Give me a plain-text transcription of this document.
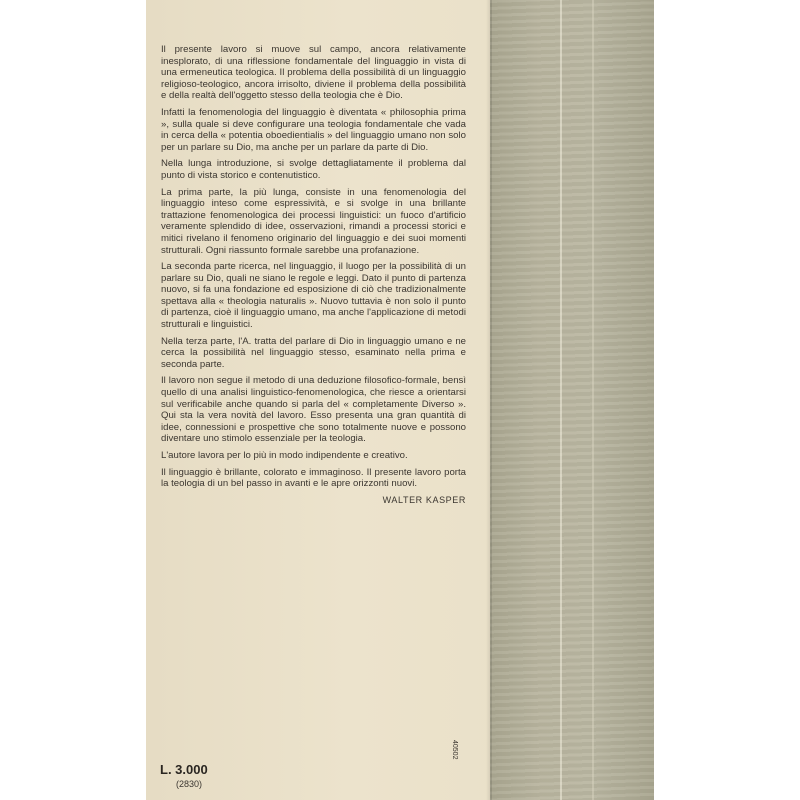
Il presente lavoro si muove sul campo, ancora relativamente inesplorato, di una riflessione fondamentale del linguaggio in vista di una ermeneutica teologica. Il problema della possibilità di un linguaggio religioso-teologico, ancora irrisolto, diviene il problema della possibilità e della realtà dell'oggetto stesso della teologia che è Dio.

Infatti la fenomenologia del linguaggio è diventata « philosophia prima », sulla quale si deve configurare una teologia fondamentale che vada in cerca della « potentia oboedientialis » del linguaggio umano non solo per un parlare su Dio, ma anche per un parlare da parte di Dio.

Nella lunga introduzione, si svolge dettagliatamente il problema dal punto di vista storico e contenutistico.

La prima parte, la più lunga, consiste in una fenomenologia del linguaggio inteso come espressività, e si svolge in una brillante trattazione fenomenologica dei processi linguistici: un fuoco d'artificio veramente splendido di idee, osservazioni, rimandi a processi storici e mitici rivelano il fenomeno originario del linguaggio e dei suoi momenti strutturali. Ogni riassunto formale sarebbe una profanazione.

La seconda parte ricerca, nel linguaggio, il luogo per la possibilità di un parlare su Dio, quali ne siano le regole e leggi. Dato il punto di partenza nuovo, si fa una fondazione ed esposizione di ciò che tradizionalmente spettava alla « theologia naturalis ». Nuovo tuttavia è non solo il punto di partenza, cioè il linguaggio umano, ma anche l'applicazione di metodi strutturali e linguistici.

Nella terza parte, l'A. tratta del parlare di Dio in linguaggio umano e ne cerca la possibilità nel linguaggio stesso, esaminato nella prima e seconda parte.

Il lavoro non segue il metodo di una deduzione filosofico-formale, bensì quello di una analisi linguistico-fenomenologica, che riesce a orientarsi sul verificabile anche quando si parla del « completamente Diverso ». Qui sta la vera novità del lavoro. Esso presenta una gran quantità di idee, connessioni e prospettive che sono totalmente nuove e possono diventare uno stimolo essenziale per la teologia.

L'autore lavora per lo più in modo indipendente e creativo.

Il linguaggio è brillante, colorato e immaginoso. Il presente lavoro porta la teologia di un bel passo in avanti e le apre orizzonti nuovi.

WALTER KASPER
L. 3.000
(2830)
40502
